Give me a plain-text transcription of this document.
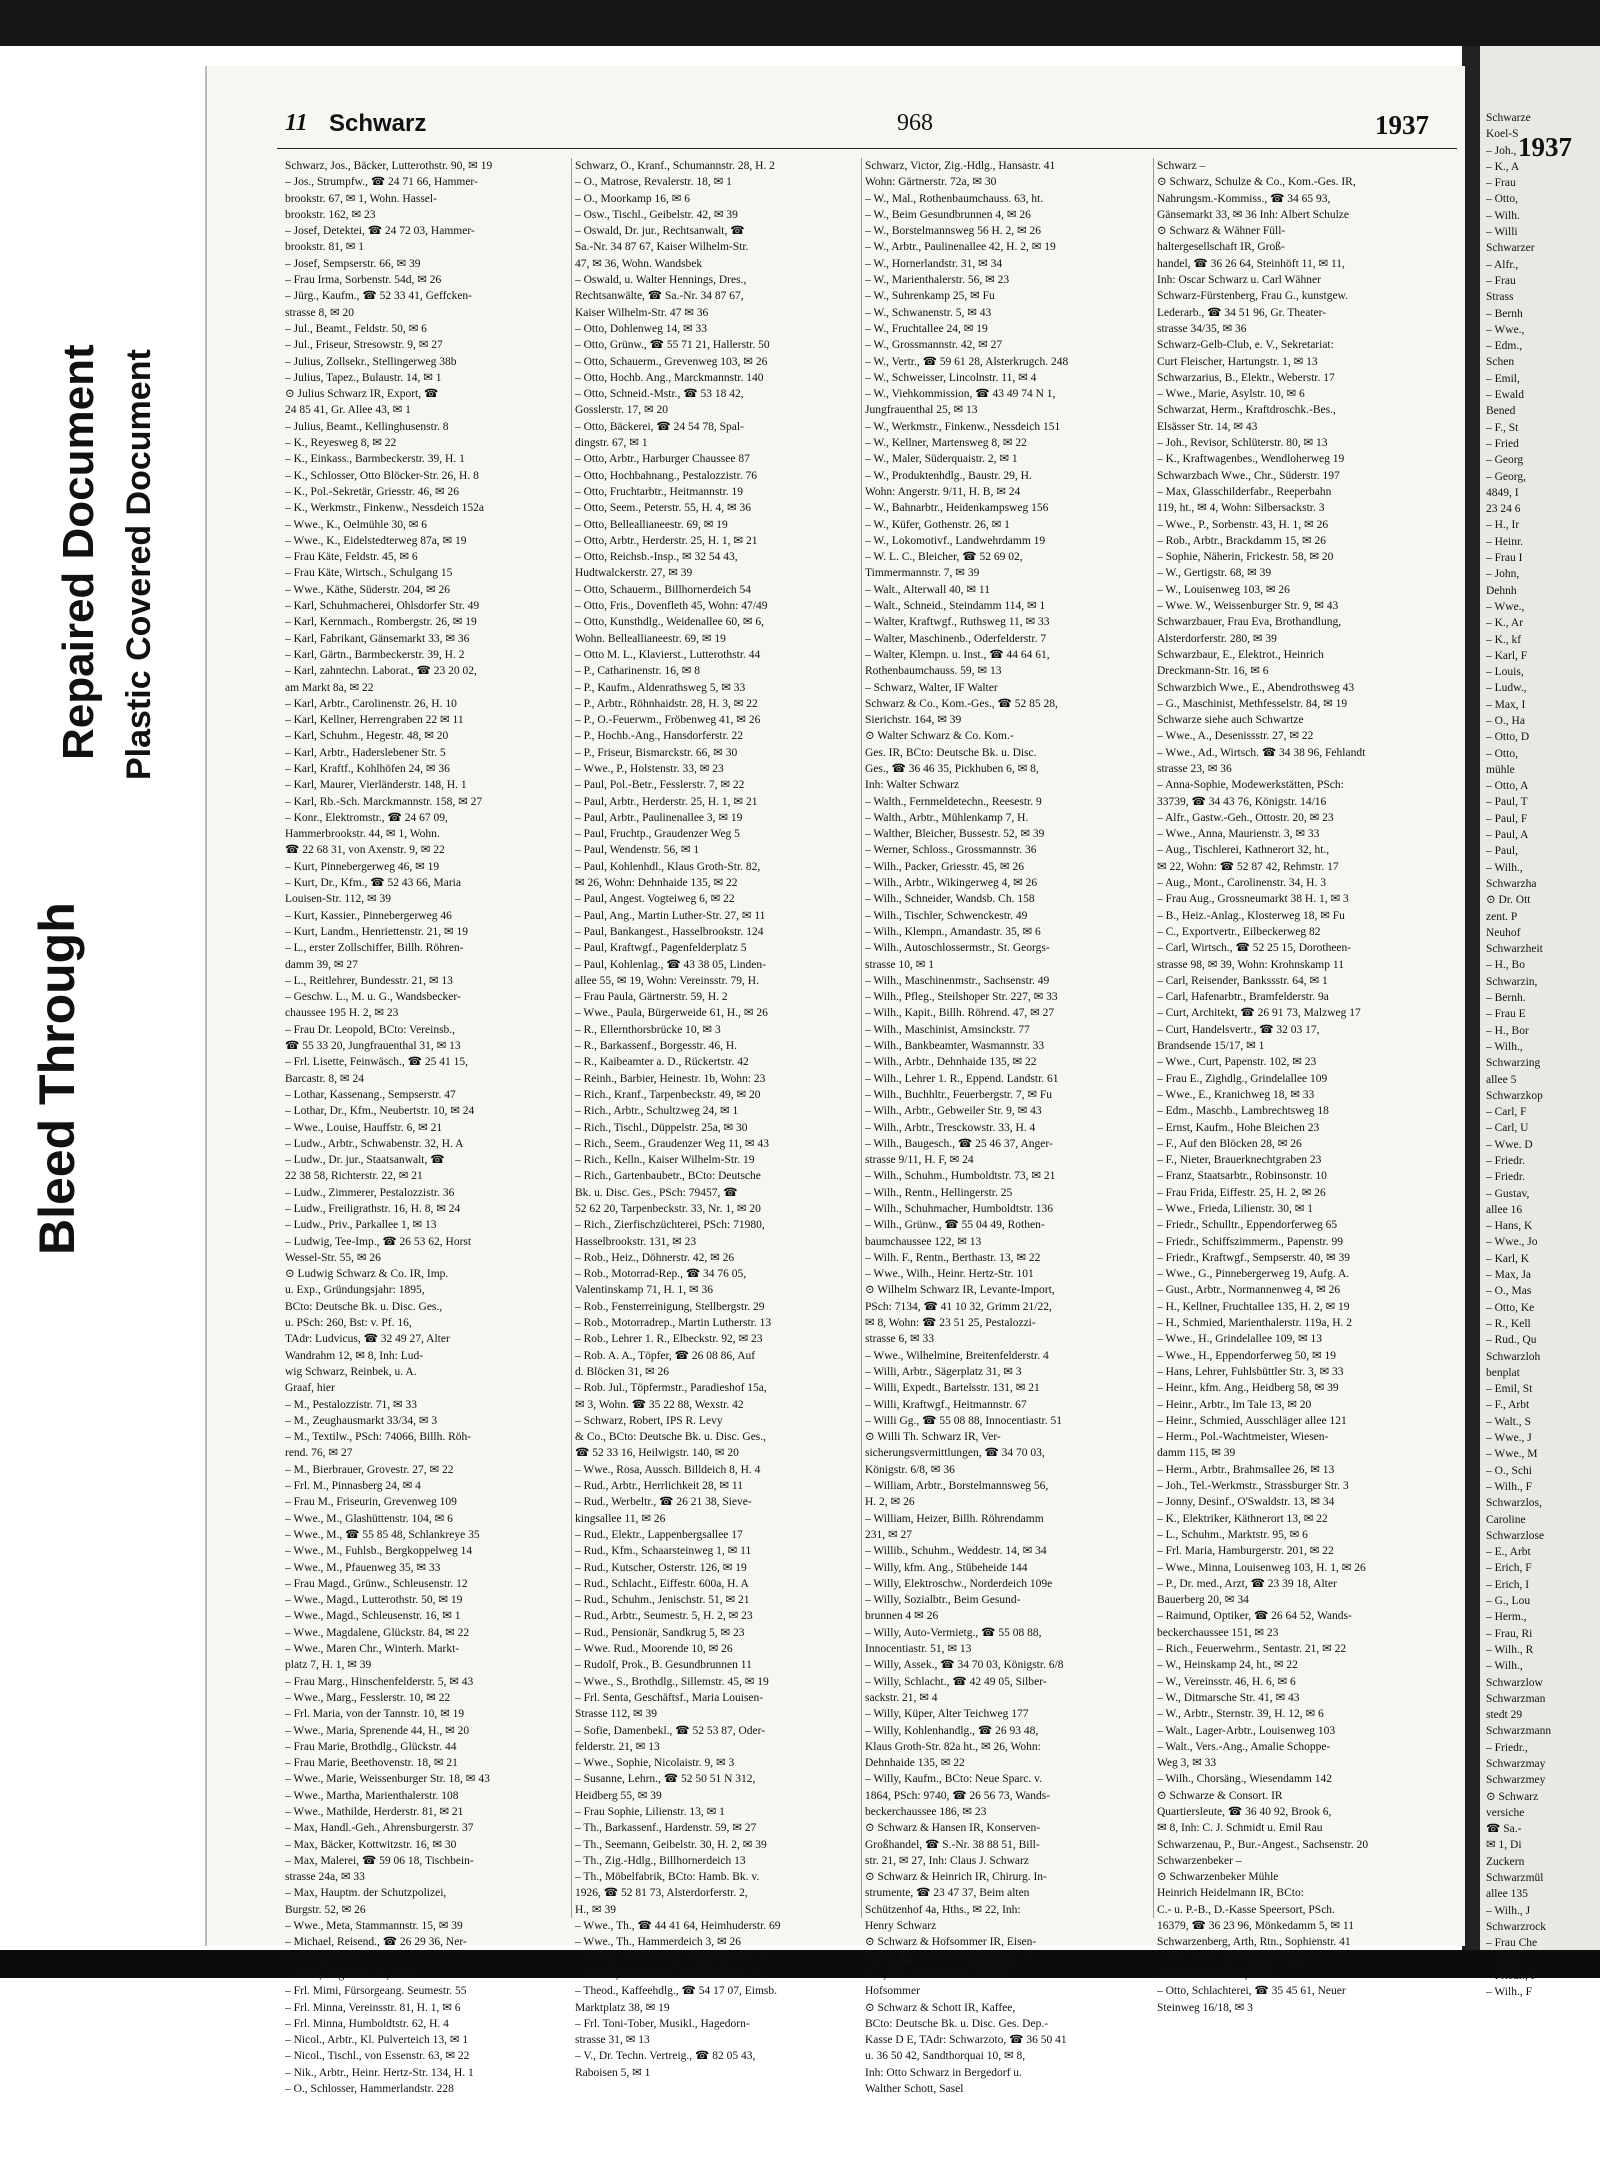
Bleed Through
Repaired Document Plastic Covered Document
11 Schwarz	968	1937
Schwarz, Jos., Bäcker, Lutterothstr. 90, ✉ 19
– Jos., Strumpfw., ☎ 24 71 66, Hammer-
brookstr. 67, ✉ 1, Wohn. Hassel-
brookstr. 162, ✉ 23
– Josef, Detektei, ☎ 24 72 03, Hammer-
brookstr. 81, ✉ 1
– Josef, Sempserstr. 66, ✉ 39
– Frau Irma, Sorbenstr. 54d, ✉ 26
– Jürg., Kaufm., ☎ 52 33 41, Geffcken-
strasse 8, ✉ 20
– Jul., Beamt., Feldstr. 50, ✉ 6
– Jul., Friseur, Stresowstr. 9, ✉ 27
– Julius, Zollsekr., Stellingerweg 38b
– Julius, Tapez., Bulaustr. 14, ✉ 1
⊙ Julius Schwarz IR, Export, ☎
24 85 41, Gr. Allee 43, ✉ 1
– Julius, Beamt., Kellinghusenstr. 8
– K., Reyesweg 8, ✉ 22
– K., Einkass., Barmbeckerstr. 39, H. 1
– K., Schlosser, Otto Blöcker-Str. 26, H. 8
– K., Pol.-Sekretär, Griesstr. 46, ✉ 26
– K., Werkmstr., Finkenw., Nessdeich 152a
– Wwe., K., Oelmühle 30, ✉ 6
– Wwe., K., Eidelstedterweg 87a, ✉ 19
– Frau Käte, Feldstr. 45, ✉ 6
– Frau Käte, Wirtsch., Schulgang 15
– Wwe., Käthe, Süderstr. 204, ✉ 26
– Karl, Schuhmacherei, Ohlsdorfer Str. 49
– Karl, Kernmach., Rombergstr. 26, ✉ 19
– Karl, Fabrikant, Gänsemarkt 33, ✉ 36
– Karl, Gärtn., Barmbeckerstr. 39, H. 2
– Karl, zahntechn. Laborat., ☎ 23 20 02,
am Markt 8a, ✉ 22
– Karl, Arbtr., Carolinenstr. 26, H. 10
– Karl, Kellner, Herrengraben 22 ✉ 11
– Karl, Schuhm., Hegestr. 48, ✉ 20
– Karl, Arbtr., Haderslebener Str. 5
– Karl, Kraftf., Kohlhöfen 24, ✉ 36
– Karl, Maurer, Vierländerstr. 148, H. 1
– Karl, Rb.-Sch. Marckmannstr. 158, ✉ 27
– Konr., Elektromstr., ☎ 24 67 09,
Hammerbrookstr. 44, ✉ 1, Wohn.
☎ 22 68 31, von Axenstr. 9, ✉ 22
– Kurt, Pinnebergerweg 46, ✉ 19
– Kurt, Dr., Kfm., ☎ 52 43 66, Maria
Louisen-Str. 112, ✉ 39
– Kurt, Kassier., Pinnebergerweg 46
– Kurt, Landm., Henriettenstr. 21, ✉ 19
– L., erster Zollschiffer, Billh. Röhren-
damm 39, ✉ 27
– L., Reitlehrer, Bundesstr. 21, ✉ 13
– Geschw. L., M. u. G., Wandsbecker-
chaussee 195 H. 2, ✉ 23
– Frau Dr. Leopold, BCto: Vereinsb.,
☎ 55 33 20, Jungfrauenthal 31, ✉ 13
– Frl. Lisette, Feinwäsch., ☎ 25 41 15,
Barcastr. 8, ✉ 24
– Lothar, Kassenang., Sempserstr. 47
– Lothar, Dr., Kfm., Neubertstr. 10, ✉ 24
– Wwe., Louise, Hauffstr. 6, ✉ 21
– Ludw., Arbtr., Schwabenstr. 32, H. A
– Ludw., Dr. jur., Staatsanwalt, ☎
22 38 58, Richterstr. 22, ✉ 21
– Ludw., Zimmerer, Pestalozzistr. 36
– Ludw., Freiligrathstr. 16, H. 8, ✉ 24
– Ludw., Priv., Parkallee 1, ✉ 13
– Ludwig, Tee-Imp., ☎ 26 53 62, Horst
Wessel-Str. 55, ✉ 26
⊙ Ludwig Schwarz & Co. IR, Imp.
u. Exp., Gründungsjahr: 1895,
BCto: Deutsche Bk. u. Disc. Ges.,
u. PSch: 260, Bst: v. Pf. 16,
TAdr: Ludvicus, ☎ 32 49 27, Alter
Wandrahm 12, ✉ 8, Inh: Lud-
wig Schwarz, Reinbek, u. A.
Graaf, hier
– M., Pestalozzistr. 71, ✉ 33
– M., Zeughausmarkt 33/34, ✉ 3
– M., Textilw., PSch: 74066, Billh. Röh-
rend. 76, ✉ 27
– M., Bierbrauer, Grovestr. 27, ✉ 22
– Frl. M., Pinnasberg 24, ✉ 4
– Frau M., Friseurin, Grevenweg 109
– Wwe., M., Glashüttenstr. 104, ✉ 6
– Wwe., M., ☎ 55 85 48, Schlankreye 35
– Wwe., M., Fuhlsb., Bergkoppelweg 14
– Wwe., M., Pfauenweg 35, ✉ 33
– Frau Magd., Grünw., Schleusenstr. 12
– Wwe., Magd., Lutterothstr. 50, ✉ 19
– Wwe., Magd., Schleusenstr. 16, ✉ 1
– Wwe., Magdalene, Glückstr. 84, ✉ 22
– Wwe., Maren Chr., Winterh. Markt-
platz 7, H. 1, ✉ 39
– Frau Marg., Hinschenfelderstr. 5, ✉ 43
– Wwe., Marg., Fesslerstr. 10, ✉ 22
– Frl. Maria, von der Tannstr. 10, ✉ 19
– Wwe., Maria, Sprenende 44, H., ✉ 20
– Frau Marie, Brothdlg., Glückstr. 44
– Frau Marie, Beethovenstr. 18, ✉ 21
– Wwe., Marie, Weissenburger Str. 18, ✉ 43
– Wwe., Martha, Marienthalerstr. 108
– Wwe., Mathilde, Herderstr. 81, ✉ 21
– Max, Handl.-Geh., Ahrensburgerstr. 37
– Max, Bäcker, Kottwitzstr. 16, ✉ 30
– Max, Malerei, ☎ 59 06 18, Tischbein-
strasse 24a, ✉ 33
– Max, Hauptm. der Schutzpolizei,
Burgstr. 52, ✉ 26
– Wwe., Meta, Stammannstr. 15, ✉ 39
– Michael, Reisend., ☎ 26 29 36, Ner-
lichsweg 4, ✉ 26
– Mimi, Angelnstr. 10, ✉ 43
– Frl. Mimi, Fürsorgeang. Seumestr. 55
– Frl. Minna, Vereinsstr. 81, H. 1, ✉ 6
– Frl. Minna, Humboldtstr. 62, H. 4
– Nicol., Arbtr., Kl. Pulverteich 13, ✉ 1
– Nicol., Tischl., von Essenstr. 63, ✉ 22
– Nik., Arbtr., Heinr. Hertz-Str. 134, H. 1
– O., Schlosser, Hammerlandstr. 228
Schwarz, O., Kranf., Schumannstr. 28, H. 2
– O., Matrose, Revalerstr. 18, ✉ 1
– O., Moorkamp 16, ✉ 6
– Osw., Tischl., Geibelstr. 42, ✉ 39
– Oswald, Dr. jur., Rechtsanwalt, ☎
Sa.-Nr. 34 87 67, Kaiser Wilhelm-Str.
47, ✉ 36, Wohn. Wandsbek
– Oswald, u. Walter Hennings, Dres.,
Rechtsanwälte, ☎ Sa.-Nr. 34 87 67,
Kaiser Wilhelm-Str. 47 ✉ 36
– Otto, Dohlenweg 14, ✉ 33
– Otto, Grünw., ☎ 55 71 21, Hallerstr. 50
– Otto, Schauerm., Grevenweg 103, ✉ 26
– Otto, Hochb. Ang., Marckmannstr. 140
– Otto, Schneid.-Mstr., ☎ 53 18 42,
Gosslerstr. 17, ✉ 20
– Otto, Bäckerei, ☎ 24 54 78, Spal-
dingstr. 67, ✉ 1
– Otto, Arbtr., Harburger Chaussee 87
– Otto, Hochbahnang., Pestalozzistr. 76
– Otto, Fruchtarbtr., Heitmannstr. 19
– Otto, Seem., Peterstr. 55, H. 4, ✉ 36
– Otto, Belleallianeestr. 69, ✉ 19
– Otto, Arbtr., Herderstr. 25, H. 1, ✉ 21
– Otto, Reichsb.-Insp., ✉ 32 54 43,
Hudtwalckerstr. 27, ✉ 39
– Otto, Schauerm., Billhornerdeich 54
– Otto, Fris., Dovenfleth 45, Wohn: 47/49
– Otto, Kunsthdlg., Weidenallee 60, ✉ 6,
Wohn. Belleallianeestr. 69, ✉ 19
– Otto M. L., Klavierst., Lutterothstr. 44
– P., Catharinenstr. 16, ✉ 8
– P., Kaufm., Aldenrathsweg 5, ✉ 33
– P., Arbtr., Röhnhaidstr. 28, H. 3, ✉ 22
– P., O.-Feuerwm., Fröbenweg 41, ✉ 26
– P., Hochb.-Ang., Hansdorferstr. 22
– P., Friseur, Bismarckstr. 66, ✉ 30
– Wwe., P., Holstenstr. 33, ✉ 23
– Paul, Pol.-Betr., Fesslerstr. 7, ✉ 22
– Paul, Arbtr., Herderstr. 25, H. 1, ✉ 21
– Paul, Arbtr., Paulinenallee 3, ✉ 19
– Paul, Fruchtp., Graudenzer Weg 5
– Paul, Wendenstr. 56, ✉ 1
– Paul, Kohlenhdl., Klaus Groth-Str. 82,
✉ 26, Wohn: Dehnhaide 135, ✉ 22
– Paul, Angest. Vogteiweg 6, ✉ 22
– Paul, Ang., Martin Luther-Str. 27, ✉ 11
– Paul, Bankangest., Hasselbrookstr. 124
– Paul, Kraftwgf., Pagenfelderplatz 5
– Paul, Kohlenlag., ☎ 43 38 05, Linden-
allee 55, ✉ 19, Wohn: Vereinsstr. 79, H.
– Frau Paula, Gärtnerstr. 59, H. 2
– Wwe., Paula, Bürgerweide 61, H., ✉ 26
– R., Ellernthorsbrücke 10, ✉ 3
– R., Barkassenf., Borgesstr. 46, H.
– R., Kaibeamter a. D., Rückertstr. 42
– Reinh., Barbier, Heinestr. 1b, Wohn: 23
– Rich., Kranf., Tarpenbeckstr. 49, ✉ 20
– Rich., Arbtr., Schultzweg 24, ✉ 1
– Rich., Tischl., Düppelstr. 25a, ✉ 30
– Rich., Seem., Graudenzer Weg 11, ✉ 43
– Rich., Kelln., Kaiser Wilhelm-Str. 19
– Rich., Gartenbaubetr., BCto: Deutsche
Bk. u. Disc. Ges., PSch: 79457, ☎
52 62 20, Tarpenbeckstr. 33, Nr. 1, ✉ 20
– Rich., Zierfischzüchterei, PSch: 71980,
Hasselbrookstr. 131, ✉ 23
– Rob., Heiz., Döhnerstr. 42, ✉ 26
– Rob., Motorrad-Rep., ☎ 34 76 05,
Valentinskamp 71, H. 1, ✉ 36
– Rob., Fensterreinigung, Stellbergstr. 29
– Rob., Motorradrep., Martin Lutherstr. 13
– Rob., Lehrer 1. R., Elbeckstr. 92, ✉ 23
– Rob. A. A., Töpfer, ☎ 26 08 86, Auf
d. Blöcken 31, ✉ 26
– Rob. Jul., Töpfermstr., Paradieshof 15a,
✉ 3, Wohn. ☎ 35 22 88, Wexstr. 42
– Schwarz, Robert, IPS R. Levy
& Co., BCto: Deutsche Bk. u. Disc. Ges.,
☎ 52 33 16, Heilwigstr. 140, ✉ 20
– Wwe., Rosa, Aussch. Billdeich 8, H. 4
– Rud., Arbtr., Herrlichkeit 28, ✉ 11
– Rud., Werbeltr., ☎ 26 21 38, Sieve-
kingsallee 11, ✉ 26
– Rud., Elektr., Lappenbergsallee 17
– Rud., Kfm., Schaarsteinweg 1, ✉ 11
– Rud., Kutscher, Osterstr. 126, ✉ 19
– Rud., Schlacht., Eiffestr. 600a, H. A
– Rud., Schuhm., Jenischstr. 51, ✉ 21
– Rud., Arbtr., Seumestr. 5, H. 2, ✉ 23
– Rud., Pensionär, Sandkrug 5, ✉ 23
– Wwe. Rud., Moorende 10, ✉ 26
– Rudolf, Prok., B. Gesundbrunnen 11
– Wwe., S., Brothdlg., Sillemstr. 45, ✉ 19
– Frl. Senta, Geschäftsf., Maria Louisen-
Strasse 112, ✉ 39
– Sofie, Damenbekl., ☎ 52 53 87, Oder-
felderstr. 21, ✉ 13
– Wwe., Sophie, Nicolaistr. 9, ✉ 3
– Susanne, Lehrn., ☎ 52 50 51 N 312,
Heidberg 55, ✉ 39
– Frau Sophie, Lilienstr. 13, ✉ 1
– Th., Barkassenf., Hardenstr. 59, ✉ 27
– Th., Seemann, Geibelstr. 30, H. 2, ✉ 39
– Th., Zig.-Hdlg., Billhornerdeich 13
– Th., Möbelfabrik, BCto: Hamb. Bk. v.
1926, ☎ 52 81 73, Alsterdorferstr. 2,
H., ✉ 39
– Wwe., Th., ☎ 44 41 64, Heimhuderstr. 69
– Wwe., Th., Hammerdeich 3, ✉ 26
– Theod., Tischl.-Mstr., Hudtwalkerstr. 27
– Theod., Bkbtr. Billh. Röhrendamm 171
– Theod., Kaffeehdlg., ☎ 54 17 07, Eimsb.
Marktplatz 38, ✉ 19
– Frl. Toni-Tober, Musikl., Hagedorn-
strasse 31, ✉ 13
– V., Dr. Techn. Vertreig., ☎ 82 05 43,
Raboisen 5, ✉ 1
Schwarz, Victor, Zig.-Hdlg., Hansastr. 41
Wohn: Gärtnerstr. 72a, ✉ 30
– W., Mal., Rothenbaumchauss. 63, ht.
– W., Beim Gesundbrunnen 4, ✉ 26
– W., Borstelmannsweg 56 H. 2, ✉ 26
– W., Arbtr., Paulinenallee 42, H. 2, ✉ 19
– W., Hornerlandstr. 31, ✉ 34
– W., Marienthalerstr. 56, ✉ 23
– W., Suhrenkamp 25, ✉ Fu
– W., Schwanenstr. 5, ✉ 43
– W., Fruchtallee 24, ✉ 19
– W., Grossmannstr. 42, ✉ 27
– W., Vertr., ☎ 59 61 28, Alsterkrugch. 248
– W., Schweisser, Lincolnstr. 11, ✉ 4
– W., Viehkommission, ☎ 43 49 74 N 1,
Jungfrauenthal 25, ✉ 13
– W., Werkmstr., Finkenw., Nessdeich 151
– W., Kellner, Martensweg 8, ✉ 22
– W., Maler, Süderquaistr. 2, ✉ 1
– W., Produktenhdlg., Baustr. 29, H.
Wohn: Angerstr. 9/11, H. B, ✉ 24
– W., Bahnarbtr., Heidenkampsweg 156
– W., Küfer, Gothenstr. 26, ✉ 1
– W., Lokomotivf., Landwehrdamm 19
– W. L. C., Bleicher, ☎ 52 69 02,
Timmermannstr. 7, ✉ 39
– Walt., Alterwall 40, ✉ 11
– Walt., Schneid., Steindamm 114, ✉ 1
– Walter, Kraftwgf., Ruthsweg 11, ✉ 33
– Walter, Maschinenb., Oderfelderstr. 7
– Walter, Klempn. u. Inst., ☎ 44 64 61,
Rothenbaumchauss. 59, ✉ 13
– Schwarz, Walter, IF Walter
Schwarz & Co., Kom.-Ges., ☎ 52 85 28,
Sierichstr. 164, ✉ 39
⊙ Walter Schwarz & Co. Kom.-
Ges. IR, BCto: Deutsche Bk. u. Disc.
Ges., ☎ 36 46 35, Pickhuben 6, ✉ 8,
Inh: Walter Schwarz
– Walth., Fernmeldetechn., Reesestr. 9
– Walth., Arbtr., Mühlenkamp 7, H.
– Walther, Bleicher, Bussestr. 52, ✉ 39
– Werner, Schloss., Grossmannstr. 36
– Wilh., Packer, Griesstr. 45, ✉ 26
– Wilh., Arbtr., Wikingerweg 4, ✉ 26
– Wilh., Schneider, Wandsb. Ch. 158
– Wilh., Tischler, Schwenckestr. 49
– Wilh., Klempn., Amandastr. 35, ✉ 6
– Wilh., Autoschlossermstr., St. Georgs-
strasse 10, ✉ 1
– Wilh., Maschinenmstr., Sachsenstr. 49
– Wilh., Pfleg., Steilshoper Str. 227, ✉ 33
– Wilh., Kapit., Billh. Röhrend. 47, ✉ 27
– Wilh., Maschinist, Amsinckstr. 77
– Wilh., Bankbeamter, Wasmannstr. 33
– Wilh., Arbtr., Dehnhaide 135, ✉ 22
– Wilh., Lehrer 1. R., Eppend. Landstr. 61
– Wilh., Buchhltr., Feuerbergstr. 7, ✉ Fu
– Wilh., Arbtr., Gebweiler Str. 9, ✉ 43
– Wilh., Arbtr., Tresckowstr. 33, H. 4
– Wilh., Baugesch., ☎ 25 46 37, Anger-
strasse 9/11, H. F, ✉ 24
– Wilh., Schuhm., Humboldtstr. 73, ✉ 21
– Wilh., Rentn., Hellingerstr. 25
– Wilh., Schuhmacher, Humboldtstr. 136
– Wilh., Grünw., ☎ 55 04 49, Rothen-
baumchaussee 122, ✉ 13
– Wilh. F., Rentn., Berthastr. 13, ✉ 22
– Wwe., Wilh., Heinr. Hertz-Str. 101
⊙ Wilhelm Schwarz IR, Levante-Import,
PSch: 7134, ☎ 41 10 32, Grimm 21/22,
✉ 8, Wohn: ☎ 23 51 25, Pestalozzi-
strasse 6, ✉ 33
– Wwe., Wilhelmine, Breitenfelderstr. 4
– Willi, Arbtr., Sägerplatz 31, ✉ 3
– Willi, Expedt., Bartelsstr. 131, ✉ 21
– Willi, Kraftwgf., Heitmannstr. 67
– Willi Gg., ☎ 55 08 88, Innocentiastr. 51
⊙ Willi Th. Schwarz IR, Ver-
sicherungsvermittlungen, ☎ 34 70 03,
Königstr. 6/8, ✉ 36
– William, Arbtr., Borstelmannsweg 56,
H. 2, ✉ 26
– William, Heizer, Billh. Röhrendamm
231, ✉ 27
– Willib., Schuhm., Weddestr. 14, ✉ 34
– Willy, kfm. Ang., Stübeheide 144
– Willy, Elektroschw., Norderdeich 109e
– Willy, Sozialbtr., Beim Gesund-
brunnen 4 ✉ 26
– Willy, Auto-Vermietg., ☎ 55 08 88,
Innocentiastr. 51, ✉ 13
– Willy, Assek., ☎ 34 70 03, Königstr. 6/8
– Willy, Schlacht., ☎ 42 49 05, Silber-
sackstr. 21, ✉ 4
– Willy, Küper, Alter Teichweg 177
– Willy, Kohlenhandlg., ☎ 26 93 48,
Klaus Groth-Str. 82a ht., ✉ 26, Wohn:
Dehnhaide 135, ✉ 22
– Willy, Kaufm., BCto: Neue Sparc. v.
1864, PSch: 9740, ☎ 26 56 73, Wands-
beckerchaussee 186, ✉ 23
⊙ Schwarz & Hansen IR, Konserven-
Großhandel, ☎ S.-Nr. 38 88 51, Bill-
str. 21, ✉ 27, Inh: Claus J. Schwarz
⊙ Schwarz & Heinrich IR, Chirurg. In-
strumente, ☎ 23 47 37, Beim alten
Schützenhof 4a, Hths., ✉ 22, Inh:
Henry Schwarz
⊙ Schwarz & Hofsommer IR, Eisen-
waren, ☎ 24 33 07, Spaldingstr. 21,
✉ 1, Inh: Paul Schwarz u. J. H.
Hofsommer
⊙ Schwarz & Schott IR, Kaffee,
BCto: Deutsche Bk. u. Disc. Ges. Dep.-
Kasse D E, TAdr: Schwarzoto, ☎ 36 50 41
u. 36 50 42, Sandthorquai 10, ✉ 8,
Inh: Otto Schwarz in Bergedorf u.
Walther Schott, Sasel
Schwarz –
⊙ Schwarz, Schulze & Co., Kom.-Ges. IR,
Nahrungsm.-Kommiss., ☎ 34 65 93,
Gänsemarkt 33, ✉ 36 Inh: Albert Schulze
⊙ Schwarz & Wähner Füll-
haltergesellschaft IR, Groß-
handel, ☎ 36 26 64, Steinhöft 11, ✉ 11,
Inh: Oscar Schwarz u. Carl Wähner
Schwarz-Fürstenberg, Frau G., kunstgew.
Lederarb., ☎ 34 51 96, Gr. Theater-
strasse 34/35, ✉ 36
Schwarz-Gelb-Club, e. V., Sekretariat:
Curt Fleischer, Hartungstr. 1, ✉ 13
Schwarzarius, B., Elektr., Weberstr. 17
– Wwe., Marie, Asylstr. 10, ✉ 6
Schwarzat, Herm., Kraftdroschk.-Bes.,
Elsässer Str. 14, ✉ 43
– Joh., Revisor, Schlüterstr. 80, ✉ 13
– K., Kraftwagenbes., Wendloherweg 19
Schwarzbach Wwe., Chr., Süderstr. 197
– Max, Glasschilderfabr., Reeperbahn
119, ht., ✉ 4, Wohn: Silbersackstr. 3
– Wwe., P., Sorbenstr. 43, H. 1, ✉ 26
– Rob., Arbtr., Brackdamm 15, ✉ 26
– Sophie, Näherin, Frickestr. 58, ✉ 20
– W., Gertigstr. 68, ✉ 39
– W., Louisenweg 103, ✉ 26
– Wwe. W., Weissenburger Str. 9, ✉ 43
Schwarzbauer, Frau Eva, Brothandlung,
Alsterdorferstr. 280, ✉ 39
Schwarzbaur, E., Elektrot., Heinrich
Dreckmann-Str. 16, ✉ 6
Schwarzbich Wwe., E., Abendrothsweg 43
– G., Maschinist, Methfesselstr. 84, ✉ 19
Schwarze siehe auch Schwartze
– Wwe., A., Desenissstr. 27, ✉ 22
– Wwe., Ad., Wirtsch. ☎ 34 38 96, Fehlandt
strasse 23, ✉ 36
– Anna-Sophie, Modewerkstätten, PSch:
33739, ☎ 34 43 76, Königstr. 14/16
– Alfr., Gastw.-Geh., Ottostr. 20, ✉ 23
– Wwe., Anna, Maurienstr. 3, ✉ 33
– Aug., Tischlerei, Kathnerort 32, ht.,
✉ 22, Wohn: ☎ 52 87 42, Rehmstr. 17
– Aug., Mont., Carolinenstr. 34, H. 3
– Frau Aug., Grossneumarkt 38 H. 1, ✉ 3
– B., Heiz.-Anlag., Klosterweg 18, ✉ Fu
– C., Exportvertr., Eilbeckerweg 82
– Carl, Wirtsch., ☎ 52 25 15, Dorotheen-
strasse 98, ✉ 39, Wohn: Krohnskamp 11
– Carl, Reisender, Bankssstr. 64, ✉ 1
– Carl, Hafenarbtr., Bramfelderstr. 9a
– Curt, Architekt, ☎ 26 91 73, Malzweg 17
– Curt, Handelsvertr., ☎ 32 03 17,
Brandsende 15/17, ✉ 1
– Wwe., Curt, Papenstr. 102, ✉ 23
– Frau E., Zighdlg., Grindelallee 109
– Wwe., E., Kranichweg 18, ✉ 33
– Edm., Maschb., Lambrechtsweg 18
– Ernst, Kaufm., Hohe Bleichen 23
– F., Auf den Blöcken 28, ✉ 26
– F., Nieter, Brauerknechtgraben 23
– Franz, Staatsarbtr., Robinsonstr. 10
– Frau Frida, Eiffestr. 25, H. 2, ✉ 26
– Wwe., Frieda, Lilienstr. 30, ✉ 1
– Friedr., Schulltr., Eppendorferweg 65
– Friedr., Schiffszimmerm., Papenstr. 99
– Friedr., Kraftwgf., Sempserstr. 40, ✉ 39
– Wwe., G., Pinnebergerweg 19, Aufg. A.
– Gust., Arbtr., Normannenweg 4, ✉ 26
– H., Kellner, Fruchtallee 135, H. 2, ✉ 19
– H., Schmied, Marienthalerstr. 119a, H. 2
– Wwe., H., Grindelallee 109, ✉ 13
– Wwe., H., Eppendorferweg 50, ✉ 19
– Hans, Lehrer, Fuhlsbüttler Str. 3, ✉ 33
– Heinr., kfm. Ang., Heidberg 58, ✉ 39
– Heinr., Arbtr., Im Tale 13, ✉ 20
– Heinr., Schmied, Ausschläger allee 121
– Herm., Pol.-Wachtmeister, Wiesen-
damm 115, ✉ 39
– Herm., Arbtr., Brahmsallee 26, ✉ 13
– Joh., Tel.-Werkmstr., Strassburger Str. 3
– Jonny, Desinf., O'Swaldstr. 13, ✉ 34
– K., Elektriker, Käthnerort 13, ✉ 22
– L., Schuhm., Marktstr. 95, ✉ 6
– Frl. Maria, Hamburgerstr. 201, ✉ 22
– Wwe., Minna, Louisenweg 103, H. 1, ✉ 26
– P., Dr. med., Arzt, ☎ 23 39 18, Alter
Bauerberg 20, ✉ 34
– Raimund, Optiker, ☎ 26 64 52, Wands-
beckerchaussee 151, ✉ 23
– Rich., Feuerwehrm., Sentastr. 21, ✉ 22
– W., Heinskamp 24, ht., ✉ 22
– W., Vereinsstr. 46, H. 6, ✉ 6
– W., Ditmarsche Str. 41, ✉ 43
– W., Arbtr., Sternstr. 39, H. 12, ✉ 6
– Walt., Lager-Arbtr., Louisenweg 103
– Walt., Vers.-Ang., Amalie Schoppe-
Weg 3, ✉ 33
– Wilh., Chorsäng., Wiesendamm 142
⊙ Schwarze & Consort. IR
Quartiersleute, ☎ 36 40 92, Brook 6,
✉ 8, Inh: C. J. Schmidt u. Emil Rau
Schwarzenau, P., Bur.-Angest., Sachsenstr. 20
Schwarzenbeker –
⊙ Schwarzenbeker Mühle
Heinrich Heidelmann IR, BCto:
C.- u. P.-B., D.-Kasse Speersort, PSch.
16379, ☎ 36 23 96, Mönkedamm 5, ✉ 11
Schwarzenberg, Arth, Rtn., Sophienstr. 41
– Max, techn. Reichsbahn-Inspektor,
Grädenerstrasse 22, ✉ 19
– Otto, Schlachterei, ☎ 35 45 61, Neuer
Steinweg 16/18, ✉ 3
1937
Schwarze
Koel-S
– Joh.,
– K., A
– Frau
– Otto,
– Wilh.
– Willi
Schwarzer
– Alfr.,
– Frau
Strass
– Bernh
– Wwe.,
– Edm.,
Schen
– Emil,
– Ewald
Bened
– F., St
– Fried
– Georg
– Georg,
4849, I
23 24 6
– H., Ir
– Heinr.
– Frau I
– John,
Dehnh
– Wwe.,
– K., Ar
– K., kf
– Karl, F
– Louis,
– Ludw.,
– Max, I
– O., Ha
– Otto, D
– Otto,
mühle
– Otto, A
– Paul, T
– Paul, F
– Paul, A
– Paul,
– Wilh.,
Schwarzha
⊙ Dr. Ott
zent. P
Neuhof
Schwarzheit
– H., Bo
Schwarzin,
– Bernh.
– Frau E
– H., Bor
– Wilh.,
Schwarzing
allee 5
Schwarzkop
– Carl, F
– Carl, U
– Wwe. D
– Friedr.
– Friedr.
– Gustav,
allee 16
– Hans, K
– Wwe., Jo
– Karl, K
– Max, Ja
– O., Mas
– Otto, Ke
– R., Kell
– Rud., Qu
Schwarzloh
benplat
– Emil, St
– F., Arbt
– Walt., S
– Wwe., J
– Wwe., M
– O., Schi
– Wilh., F
Schwarzlos,
Caroline
Schwarzlose
– E., Arbt
– Erich, F
– Erich, I
– G., Lou
– Herm.,
– Frau, Ri
– Wilh., R
– Wilh.,
Schwarzlow
Schwarzman
stedt 29
Schwarzmann
– Friedr.,
Schwarzmay
Schwarzmey
⊙ Schwarz
versiche
☎ Sa.-
✉ 1, Di
Zuckern
Schwarzmül
allee 135
– Wilh., J
Schwarzrock
– Frau Che
– Erwin, I
– Friedr., I
– Wilh., F
